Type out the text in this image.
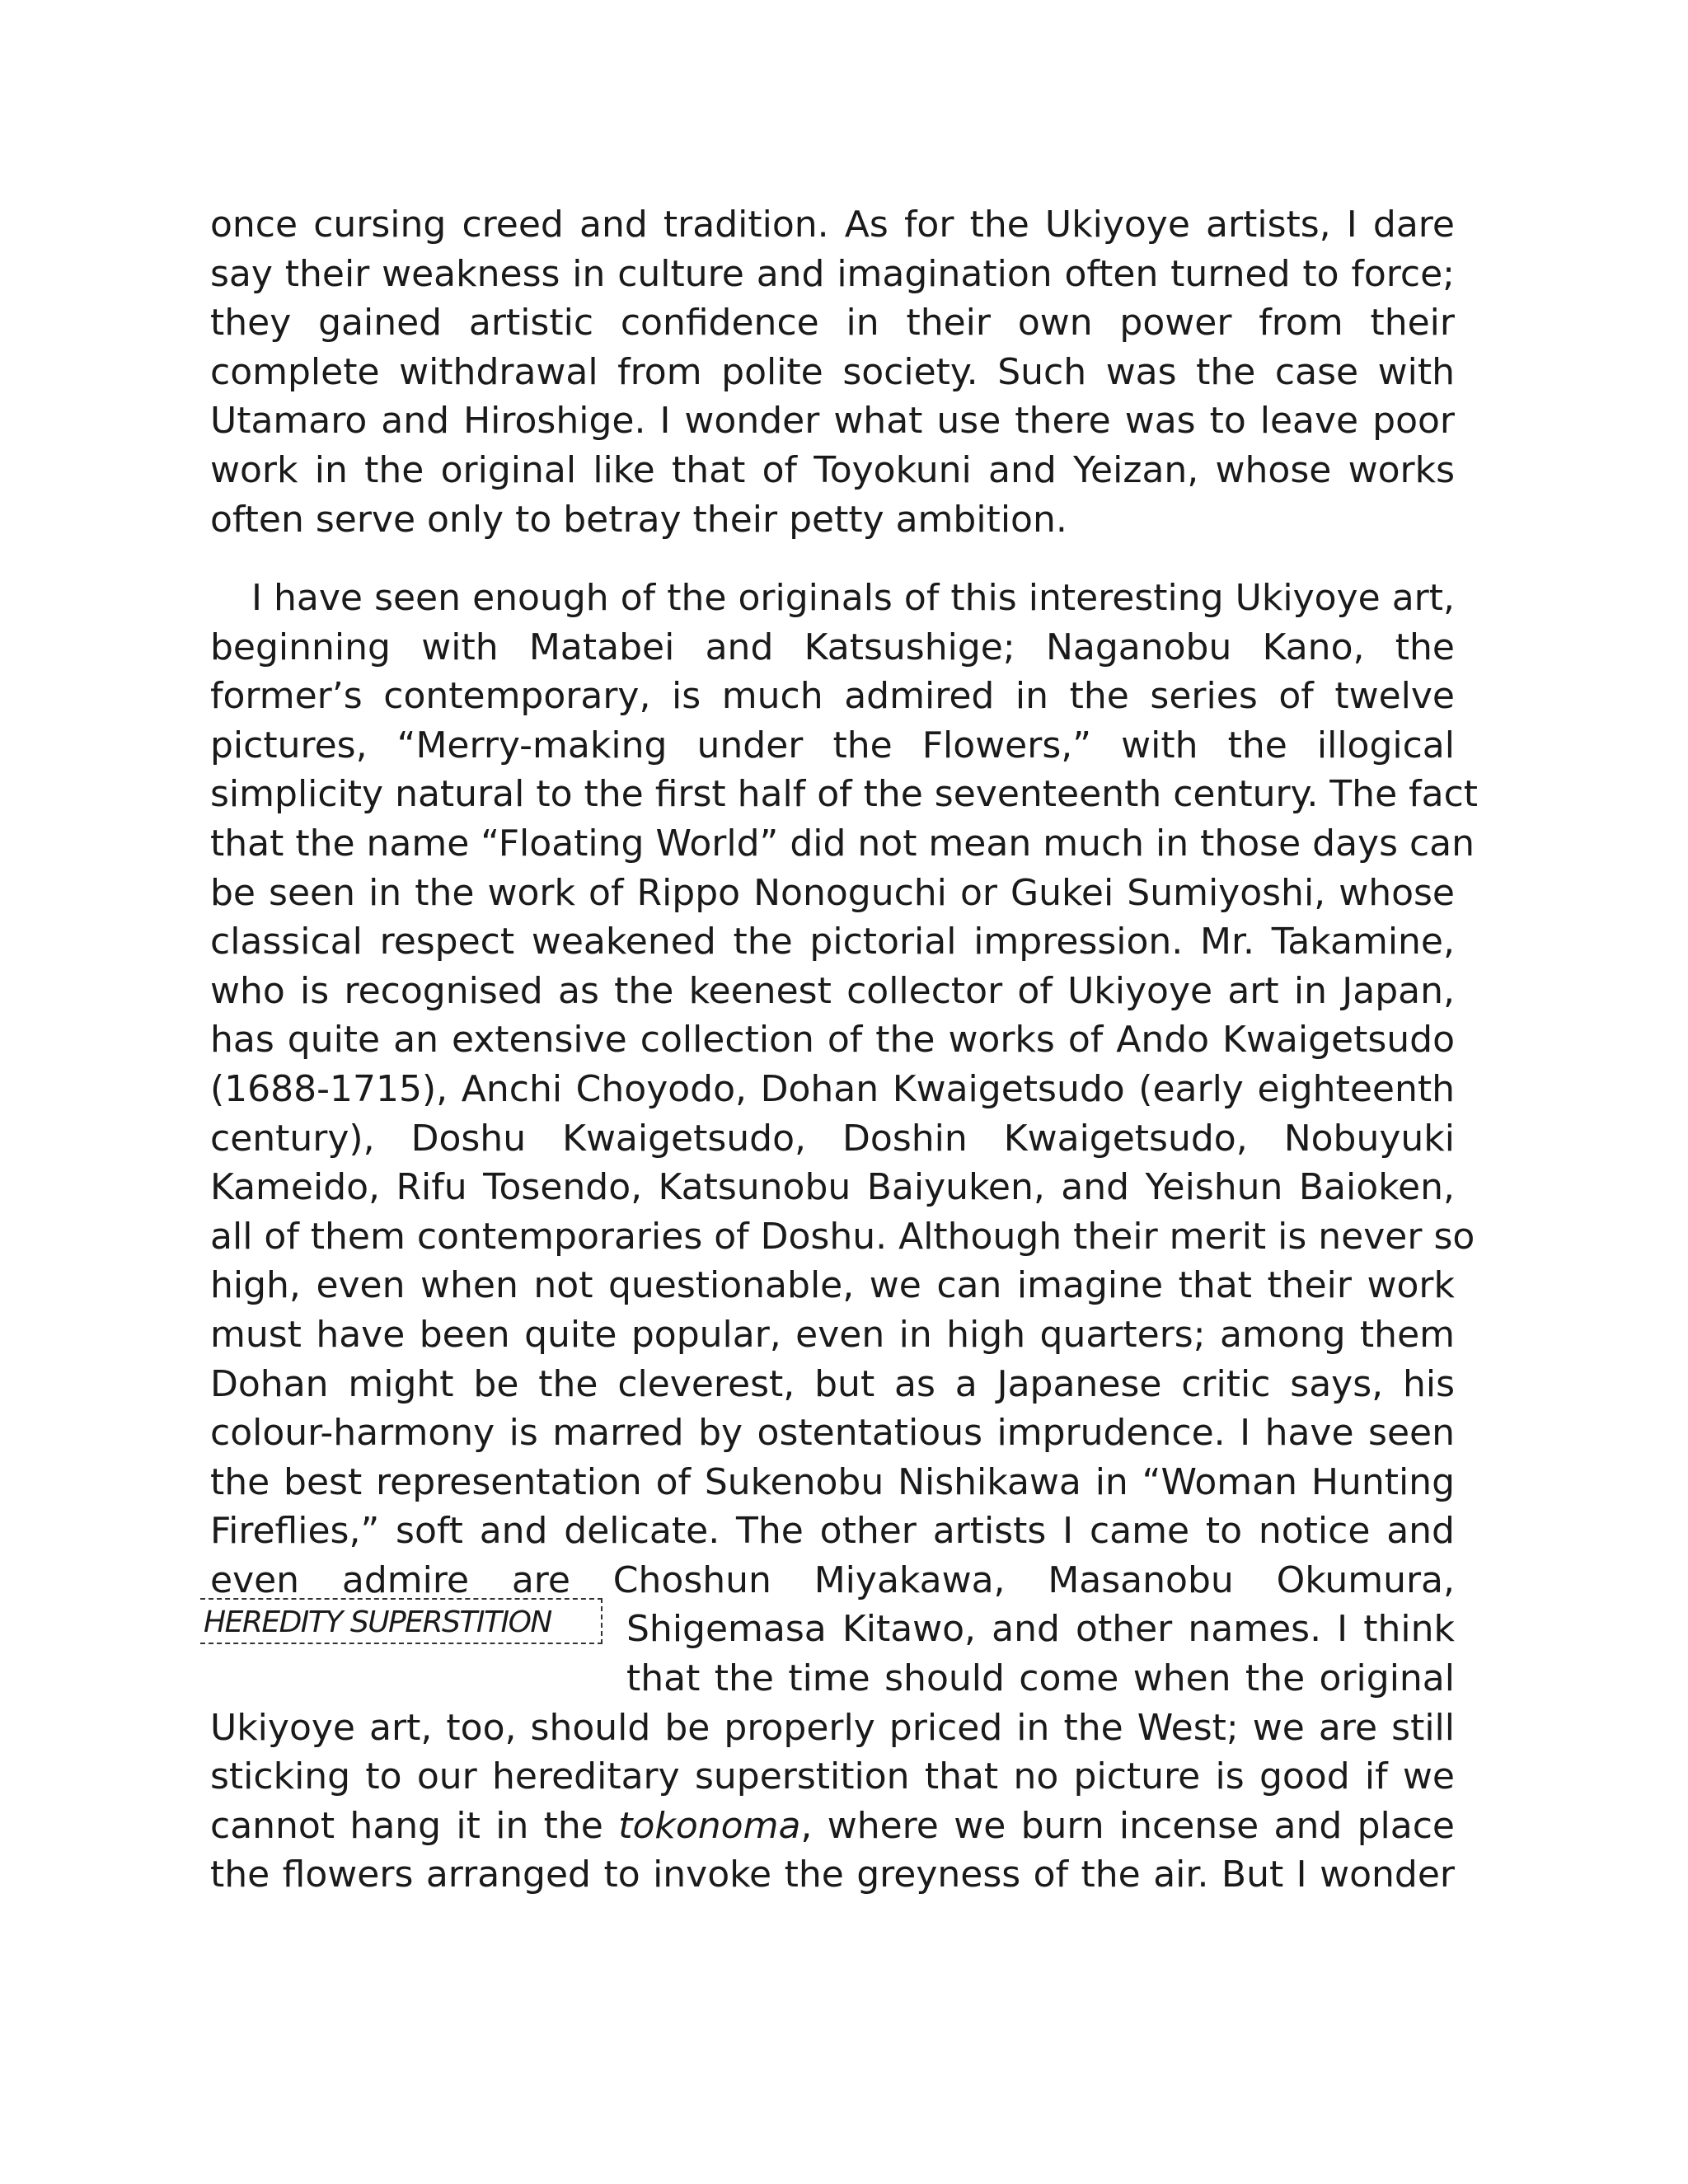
once cursing creed and tradition. As for the Ukiyoye artists, I dare
say their weakness in culture and imagination often turned to force;
they gained artistic confidence in their own power from their
complete withdrawal from polite society. Such was the case with
Utamaro and Hiroshige. I wonder what use there was to leave poor
work in the original like that of Toyokuni and Yeizan, whose works
often serve only to betray their petty ambition.
I have seen enough of the originals of this interesting Ukiyoye art,
beginning with Matabei and Katsushige; Naganobu Kano, the
former’s contemporary, is much admired in the series of twelve
pictures, “Merry-making under the Flowers,” with the illogical
simplicity natural to the first half of the seventeenth century. The fact
that the name “Floating World” did not mean much in those days can
be seen in the work of Rippo Nonoguchi or Gukei Sumiyoshi, whose
classical respect weakened the pictorial impression. Mr. Takamine,
who is recognised as the keenest collector of Ukiyoye art in Japan,
has quite an extensive collection of the works of Ando Kwaigetsudo
(1688-1715), Anchi Choyodo, Dohan Kwaigetsudo (early eighteenth
century), Doshu Kwaigetsudo, Doshin Kwaigetsudo, Nobuyuki
Kameido, Rifu Tosendo, Katsunobu Baiyuken, and Yeishun Baioken,
all of them contemporaries of Doshu. Although their merit is never so
high, even when not questionable, we can imagine that their work
must have been quite popular, even in high quarters; among them
Dohan might be the cleverest, but as a Japanese critic says, his
colour-harmony is marred by ostentatious imprudence. I have seen
the best representation of Sukenobu Nishikawa in “Woman Hunting
Fireflies,” soft and delicate. The other artists I came to notice and
even admire are Choshun Miyakawa, Masanobu Okumura,
Shigemasa Kitawo, and other names. I think
that the time should come when the original
Ukiyoye art, too, should be properly priced in the West; we are still
sticking to our hereditary superstition that no picture is good if we
cannot hang it in the tokonoma, where we burn incense and place
the flowers arranged to invoke the greyness of the air. But I wonder
HEREDITY SUPERSTITION
